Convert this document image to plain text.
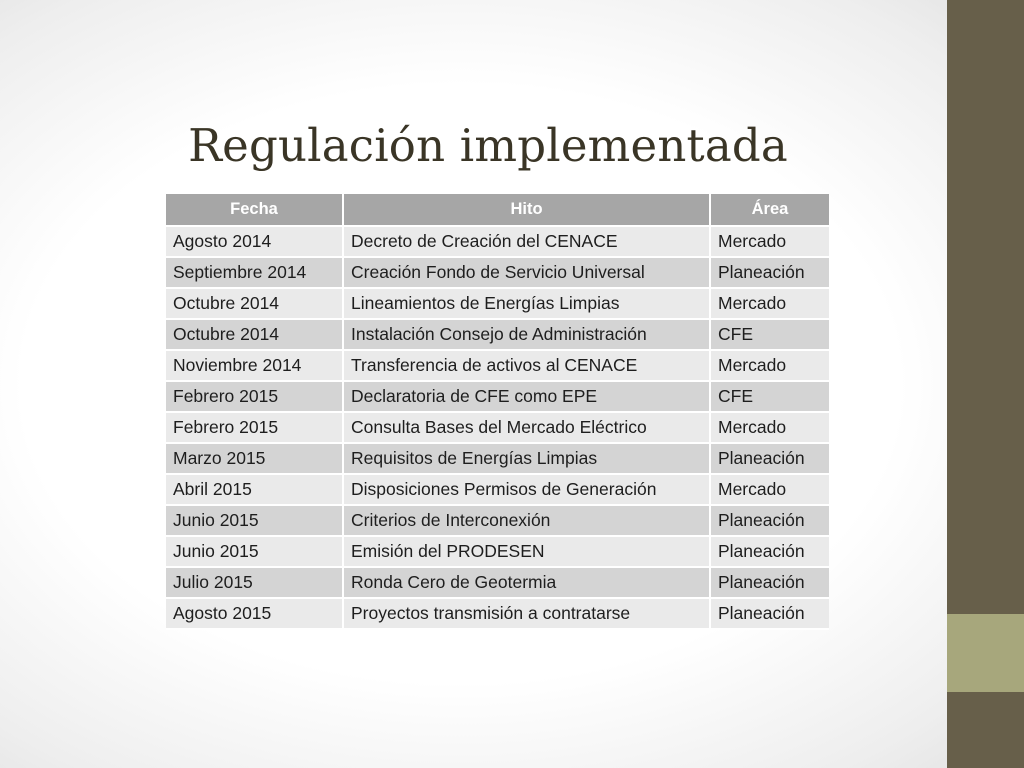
Regulación implementada
Fecha	Hito	Área
Agosto 2014	Decreto de Creación del CENACE	Mercado
Septiembre 2014	Creación Fondo de Servicio Universal	Planeación
Octubre 2014	Lineamientos de Energías Limpias	Mercado
Octubre 2014	Instalación Consejo de Administración	CFE
Noviembre 2014	Transferencia de activos al CENACE	Mercado
Febrero 2015	Declaratoria de CFE como EPE	CFE
Febrero 2015	Consulta Bases del Mercado Eléctrico	Mercado
Marzo 2015	Requisitos de Energías Limpias	Planeación
Abril 2015	Disposiciones Permisos de Generación	Mercado
Junio 2015	Criterios de Interconexión	Planeación
Junio 2015	Emisión del PRODESEN	Planeación
Julio 2015	Ronda Cero de Geotermia	Planeación
Agosto 2015	Proyectos transmisión a contratarse	Planeación
